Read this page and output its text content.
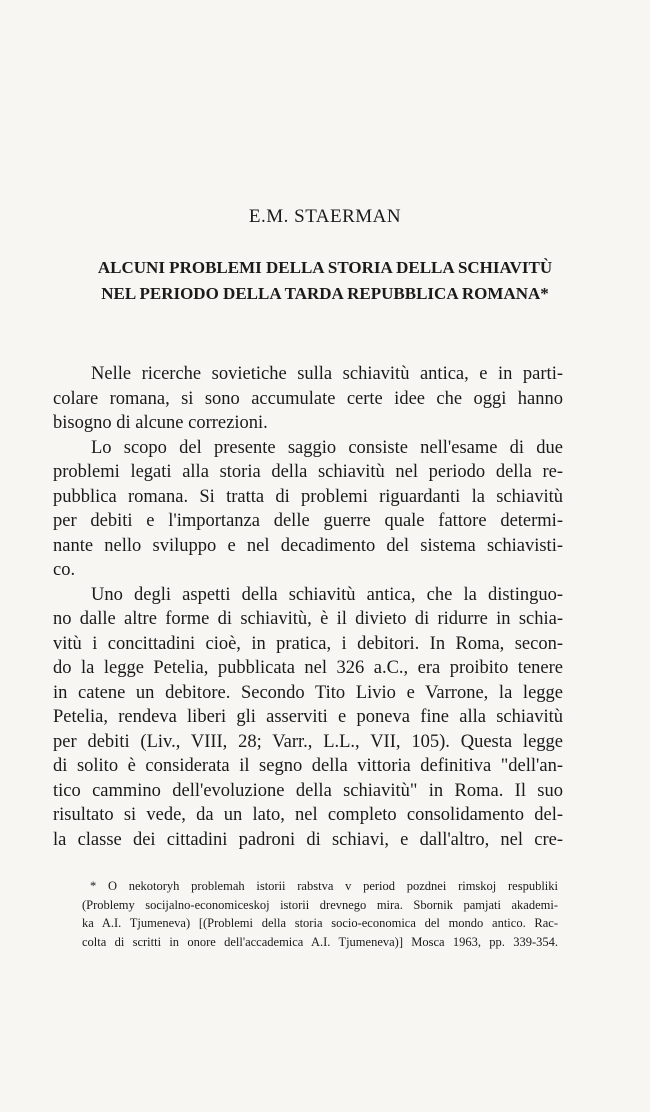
E.M. STAERMAN
ALCUNI PROBLEMI DELLA STORIA DELLA SCHIAVITÙ
NEL PERIODO DELLA TARDA REPUBBLICA ROMANA*
Nelle ricerche sovietiche sulla schiavitù antica, e in parti-
colare romana, si sono accumulate certe idee che oggi hanno
bisogno di alcune correzioni.
Lo scopo del presente saggio consiste nell'esame di due
problemi legati alla storia della schiavitù nel periodo della re-
pubblica romana. Si tratta di problemi riguardanti la schiavitù
per debiti e l'importanza delle guerre quale fattore determi-
nante nello sviluppo e nel decadimento del sistema schiavisti-
co.
Uno degli aspetti della schiavitù antica, che la distinguo-
no dalle altre forme di schiavitù, è il divieto di ridurre in schia-
vitù i concittadini cioè, in pratica, i debitori. In Roma, secon-
do la legge Petelia, pubblicata nel 326 a.C., era proibito tenere
in catene un debitore. Secondo Tito Livio e Varrone, la legge
Petelia, rendeva liberi gli asserviti e poneva fine alla schiavitù
per debiti (Liv., VIII, 28; Varr., L.L., VII, 105). Questa legge
di solito è considerata il segno della vittoria definitiva "dell'an-
tico cammino dell'evoluzione della schiavitù" in Roma. Il suo
risultato si vede, da un lato, nel completo consolidamento del-
la classe dei cittadini padroni di schiavi, e dall'altro, nel cre-
* O nekotoryh problemah istorii rabstva v period pozdnei rimskoj respubliki
(Problemy socijalno-economiceskoj istorii drevnego mira. Sbornik pamjati akademi-
ka A.I. Tjumeneva) [(Problemi della storia socio-economica del mondo antico. Rac-
colta di scritti in onore dell'accademica A.I. Tjumeneva)] Mosca 1963, pp. 339-354.
